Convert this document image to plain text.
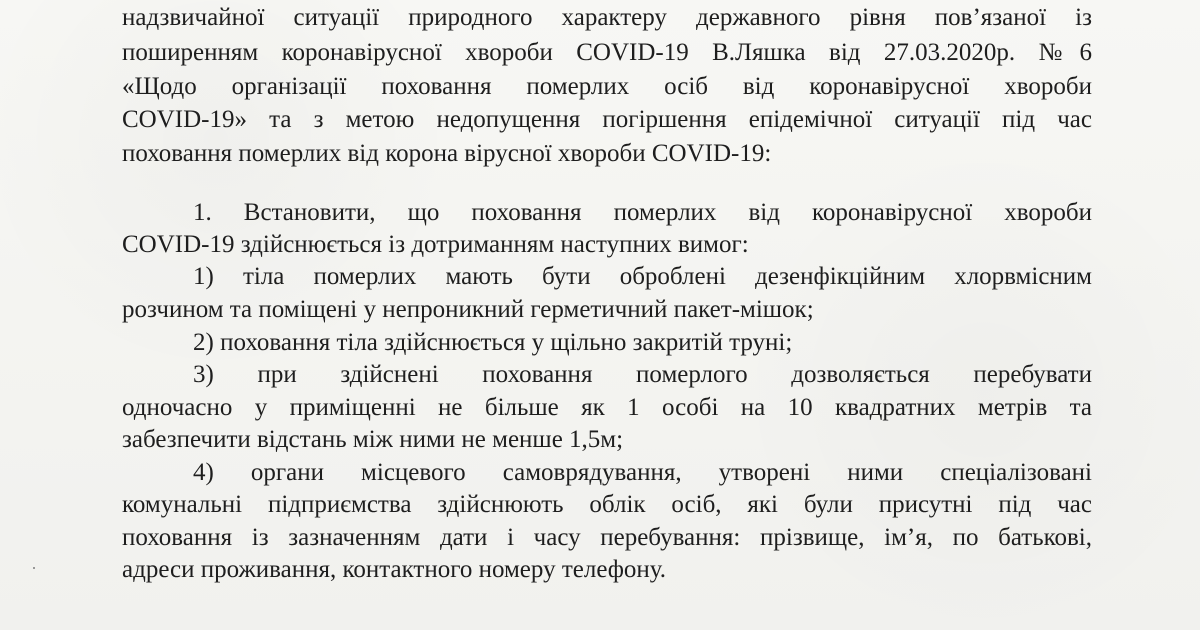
надзвичайної ситуації природного характеру державного рівня пов’язаної із

поширенням коронавірусної хвороби COVID-19 В.Ляшка від 27.03.2020р. №6

«Щодо організації поховання померлих осіб від коронавірусної хвороби

COVID-19» та з метою недопущення погіршення епідемічної ситуації під час

поховання померлих від корона вірусної хвороби COVID-19:

1. Встановити, що поховання померлих від коронавірусної хвороби

COVID-19 здійснюється із дотриманням наступних вимог:

1) тіла померлих мають бути оброблені дезенфікційним хлорвмісним

розчином та поміщені у непроникний герметичний пакет-мішок;

2) поховання тіла здійснюється у щільно закритій труні;

3) при здійснені поховання померлого дозволяється перебувати

одночасно у приміщенні не більше як 1 особі на 10 квадратних метрів та

забезпечити відстань між ними не менше 1,5м;

4) органи місцевого самоврядування, утворені ними спеціалізовані

комунальні підприємства здійснюють облік осіб, які були присутні під час

поховання із зазначенням дати і часу перебування: прізвище, ім’я, по батькові,

адреси проживання, контактного номеру телефону.
